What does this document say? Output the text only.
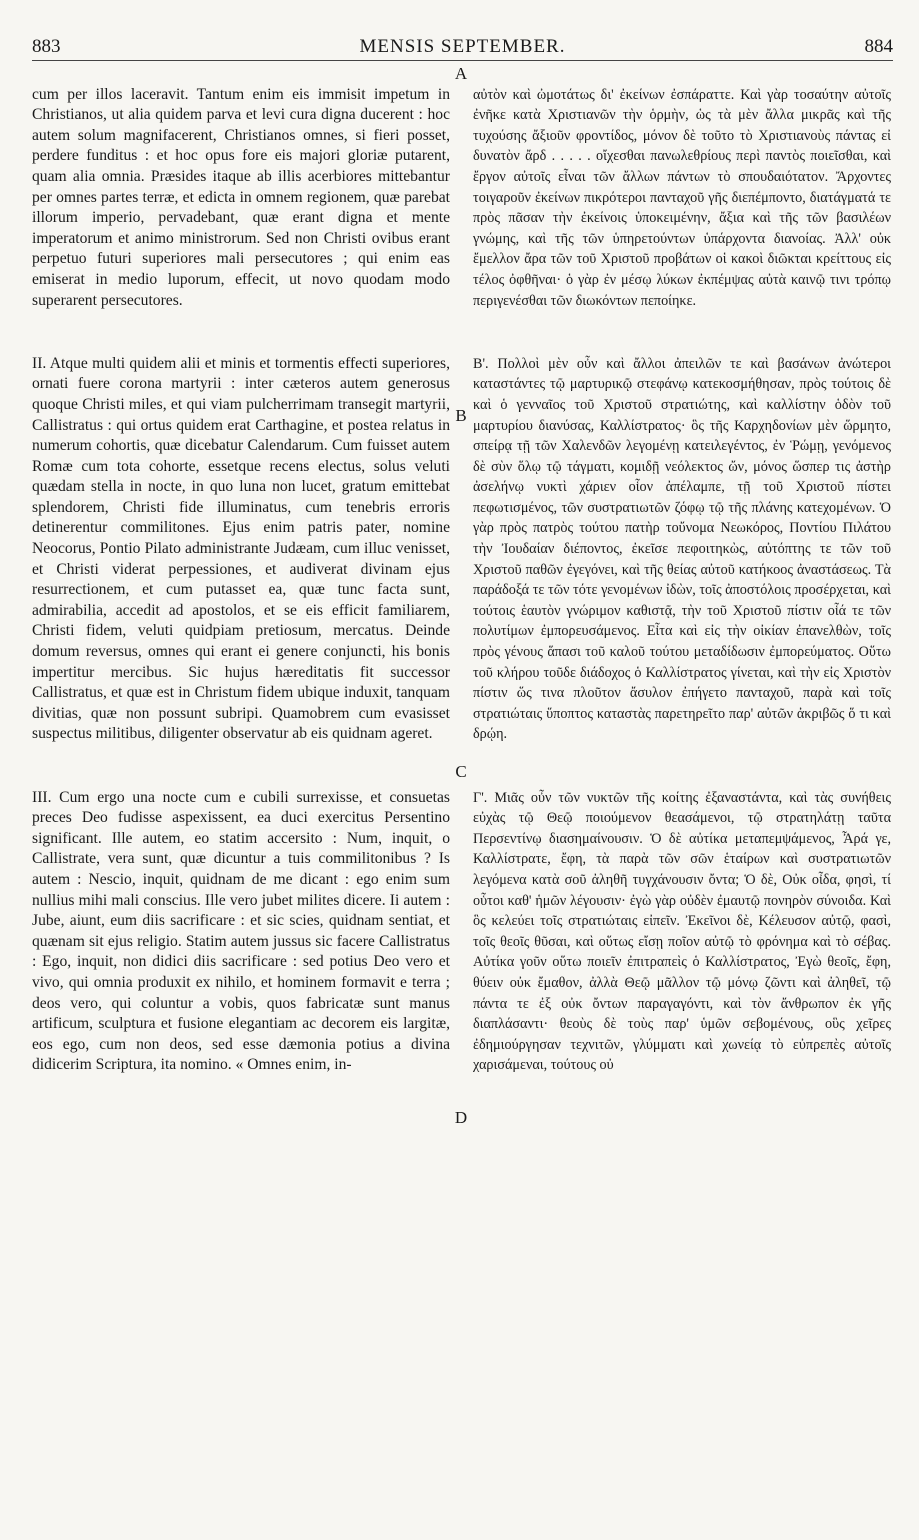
883	MENSIS SEPTEMBER.	884

cum per illos laceravit. Tantum enim eis immisit impetum in Christianos, ut alia quidem parva et levi cura digna ducerent : hoc autem solum magnifacerent, Christianos omnes, si fieri posset, perdere funditus : et hoc opus fore eis majori gloriæ putarent, quam alia omnia. Præsides itaque ab illis acerbiores mittebantur per omnes partes terræ, et edicta in omnem regionem, quæ parebat illorum imperio, pervadebant, quæ erant digna et mente imperatorum et animo ministrorum. Sed non Christi ovibus erant perpetuo futuri superiores mali persecutores ; qui enim eas emiserat in medio luporum, effecit, ut novo quodam modo superarent persecutores.

II. Atque multi quidem alii et minis et tormentis effecti superiores, ornati fuere corona martyrii : inter cæteros autem generosus quoque Christi miles, et qui viam pulcherrimam transegit martyrii, Callistratus : qui ortus quidem erat Carthagine, et postea relatus in numerum cohortis, quæ dicebatur Calendarum. Cum fuisset autem Romæ cum tota cohorte, essetque recens electus, solus veluti quædam stella in nocte, in quo luna non lucet, gratum emittebat splendorem, Christi fide illuminatus, cum tenebris erroris detinerentur commilitones. Ejus enim patris pater, nomine Neocorus, Pontio Pilato administrante Judæam, cum illuc venisset, et Christi viderat perpessiones, et audiverat divinam ejus resurrectionem, et cum putasset ea, quæ tunc facta sunt, admirabilia, accedit ad apostolos, et se eis efficit familiarem, Christi fidem, veluti quidpiam pretiosum, mercatus. Deinde domum reversus, omnes qui erant ei genere conjuncti, his bonis impertitur mercibus. Sic hujus hæreditatis fit successor Callistratus, et quæ est in Christum fidem ubique induxit, tanquam divitias, quæ non possunt subripi. Quamobrem cum evasisset suspectus militibus, diligenter observatur ab eis quidnam ageret.

III. Cum ergo una nocte cum e cubili surrexisse, et consuetas preces Deo fudisse aspexissent, ea duci exercitus Persentino significant. Ille autem, eo statim accersito : Num, inquit, o Callistrate, vera sunt, quæ dicuntur a tuis commilitonibus ? Is autem : Nescio, inquit, quidnam de me dicant : ego enim sum nullius mihi mali conscius. Ille vero jubet milites dicere. Ii autem : Jube, aiunt, eum diis sacrificare : et sic scies, quidnam sentiat, et quænam sit ejus religio. Statim autem jussus sic facere Callistratus : Ego, inquit, non didici diis sacrificare : sed potius Deo vero et vivo, qui omnia produxit ex nihilo, et hominem formavit e terra ; deos vero, qui coluntur a vobis, quos fabricatæ sunt manus artificum, sculptura et fusione elegantiam ac decorem eis largitæ, eos ego, cum non deos, sed esse dæmonia potius a divina didicerim Scriptura, ita nomino. « Omnes enim, in-

A
B
C
D

αὐτὸν καὶ ὠμοτάτως δι' ἐκείνων ἐσπάραττε. Καὶ γὰρ τοσαύτην αὐτοῖς ἐνῆκε κατὰ Χριστιανῶν τὴν ὁρμὴν, ὡς τὰ μὲν ἄλλα μικρᾶς καὶ τῆς τυχούσης ἄξιοῦν φροντίδος, μόνον δὲ τοῦτο τὸ Χριστιανοὺς πάντας εἰ δυνατὸν ἄρδ . . . . . οἴχεσθαι πανωλεθρίους περὶ παντὸς ποιεῖσθαι, καὶ ἔργον αὐτοῖς εἶναι τῶν ἄλλων πάντων τὸ σπουδαιότατον. Ἄρχοντες τοιγαροῦν ἐκείνων πικρότεροι πανταχοῦ γῆς διεπέμποντο, διατάγματά τε πρὸς πᾶσαν τὴν ἐκείνοις ὑποκειμένην, ἄξια καὶ τῆς τῶν βασιλέων γνώμης, καὶ τῆς τῶν ὑπηρετούντων ὑπάρχοντα διανοίας. Ἀλλ' οὐκ ἔμελλον ἄρα τῶν τοῦ Χριστοῦ προβάτων οἱ κακοὶ διῶκται κρείττους εἰς τέλος ὀφθῆναι· ὁ γὰρ ἐν μέσῳ λύκων ἐκπέμψας αὐτὰ καινῷ τινι τρόπῳ περιγενέσθαι τῶν διωκόντων πεποίηκε.

Β'. Πολλοὶ μὲν οὖν καὶ ἄλλοι ἀπειλῶν τε καὶ βασάνων ἀνώτεροι καταστάντες τῷ μαρτυρικῷ στεφάνῳ κατεκοσμήθησαν, πρὸς τούτοις δὲ καὶ ὁ γενναῖος τοῦ Χριστοῦ στρατιώτης, καὶ καλλίστην ὁδὸν τοῦ μαρτυρίου διανύσας, Καλλίστρατος· ὃς τῆς Καρχηδονίων μὲν ὥρμητο, σπείρᾳ τῇ τῶν Χαλενδῶν λεγομένῃ κατειλεγέντος, ἐν Ῥώμῃ, γενόμενος δὲ σὺν ὅλῳ τῷ τάγματι, κομιδῇ νεόλεκτος ὤν, μόνος ὥσπερ τις ἀστὴρ ἀσελήνῳ νυκτὶ χάριεν οἷον ἀπέλαμπε, τῇ τοῦ Χριστοῦ πίστει πεφωτισμένος, τῶν συστρατιωτῶν ζόφῳ τῷ τῆς πλάνης κατεχομένων. Ὁ γὰρ πρὸς πατρὸς τούτου πατὴρ τοὔνομα Νεωκόρος, Ποντίου Πιλάτου τὴν Ἰουδαίαν διέποντος, ἐκεῖσε πεφοιτηκὼς, αὐτόπτης τε τῶν τοῦ Χριστοῦ παθῶν ἐγεγόνει, καὶ τῆς θείας αὐτοῦ κατήκοος ἀναστάσεως. Τὰ παράδοξά τε τῶν τότε γενομένων ἰδὼν, τοῖς ἀποστόλοις προσέρχεται, καὶ τούτοις ἑαυτὸν γνώριμον καθιστᾷ, τὴν τοῦ Χριστοῦ πίστιν οἷά τε τῶν πολυτίμων ἐμπορευσάμενος. Εἶτα καὶ εἰς τὴν οἰκίαν ἐπανελθὼν, τοῖς πρὸς γένους ἅπασι τοῦ καλοῦ τούτου μεταδίδωσιν ἐμπορεύματος. Οὕτω τοῦ κλήρου τοῦδε διάδοχος ὁ Καλλίστρατος γίνεται, καὶ τὴν εἰς Χριστὸν πίστιν ὥς τινα πλοῦτον ἄσυλον ἐπήγετο πανταχοῦ, παρὰ καὶ τοῖς στρατιώταις ὕποπτος καταστὰς παρετηρεῖτο παρ' αὐτῶν ἀκριβῶς ὅ τι καὶ δρῴη.

Γ'. Μιᾶς οὖν τῶν νυκτῶν τῆς κοίτης ἐξαναστάντα, καὶ τὰς συνήθεις εὐχὰς τῷ Θεῷ ποιούμενον θεασάμενοι, τῷ στρατηλάτῃ ταῦτα Περσεντίνῳ διασημαίνουσιν. Ὁ δὲ αὐτίκα μεταπεμψάμενος, Ἆρά γε, Καλλίστρατε, ἔφη, τὰ παρὰ τῶν σῶν ἑταίρων καὶ συστρατιωτῶν λεγόμενα κατὰ σοῦ ἀληθῆ τυγχάνουσιν ὄντα; Ὁ δὲ, Οὐκ οἶδα, φησὶ, τί οὗτοι καθ' ἡμῶν λέγουσιν· ἐγὼ γὰρ οὐδὲν ἐμαυτῷ πονηρὸν σύνοιδα. Καὶ ὃς κελεύει τοῖς στρατιώταις εἰπεῖν. Ἐκεῖνοι δὲ, Κέλευσον αὐτῷ, φασὶ, τοῖς θεοῖς θῦσαι, καὶ οὕτως εἴσῃ ποῖον αὐτῷ τὸ φρόνημα καὶ τὸ σέβας. Αὐτίκα γοῦν οὕτω ποιεῖν ἐπιτραπεὶς ὁ Καλλίστρατος, Ἐγὼ θεοῖς, ἔφη, θύειν οὐκ ἔμαθον, ἀλλὰ Θεῷ μᾶλλον τῷ μόνῳ ζῶντι καὶ ἀληθεῖ, τῷ πάντα τε ἐξ οὐκ ὄντων παραγαγόντι, καὶ τὸν ἄνθρωπον ἐκ γῆς διαπλάσαντι· θεοὺς δὲ τοὺς παρ' ὑμῶν σεβομένους, οὓς χεῖρες ἐδημιούργησαν τεχνιτῶν, γλύμματι καὶ χωνείᾳ τὸ εὐπρεπὲς αὐτοῖς χαρισάμεναι, τούτους οὐ
